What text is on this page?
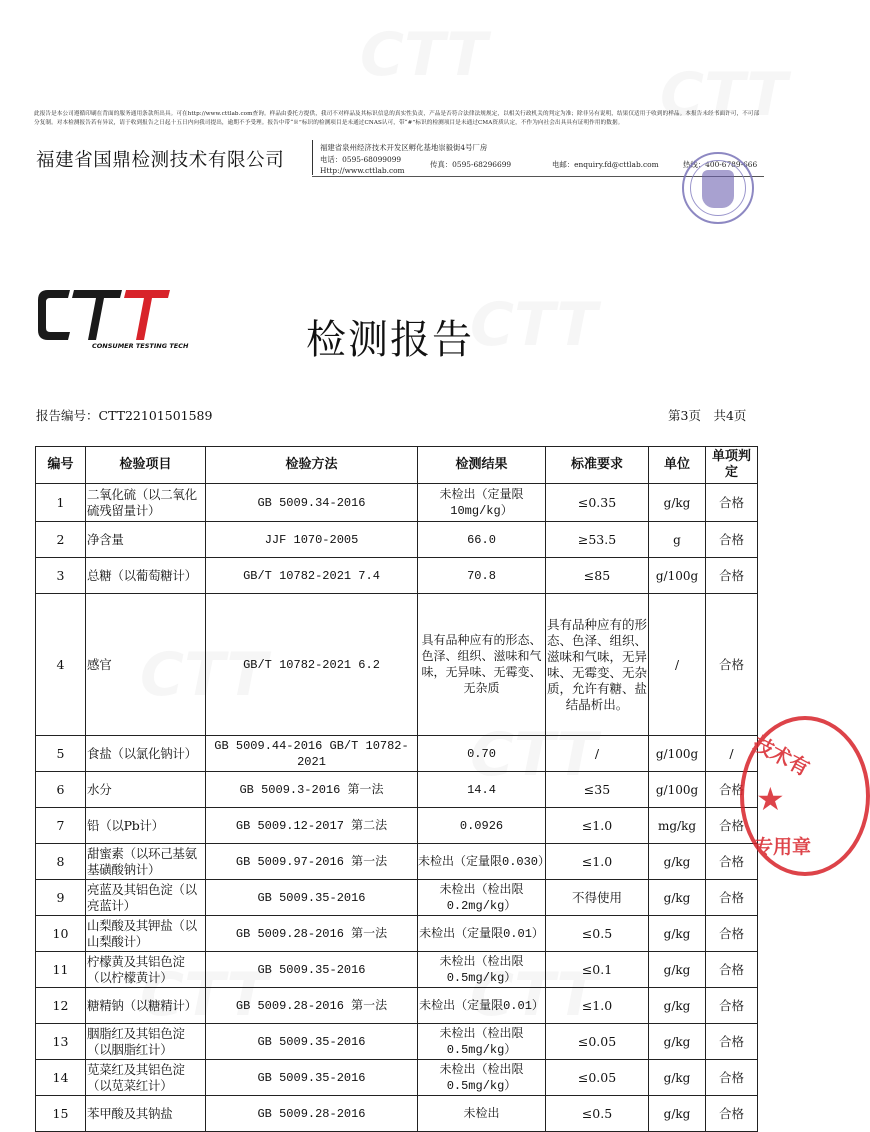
此报告是本公司遵循印刷在背面的服务通用条款所出具。可在http://www.cttlab.com查询。样品由委托方提供，我司不对样品及其标识信息的真实性负责，产品是否符合法律法规规定，以相关行政机关的判定为准；除非另有说明，结果仅适用于收到的样品。本报告未经书面许可，不可部分复制。对本检测报告若有异议，请于收到报告之日起十五日内向我司提出，逾期不予受理。报告中带“※”标识的检测项目是未通过CNAS认可，带“#”标识的检测项目是未通过CMA资质认定，不作为向社会出具具有证明作用的数据。
福建省国鼎检测技术有限公司
福建省泉州经济技术开发区孵化基地崇毅街4号厂房
电话：0595-68099099
传真：0595-68296699	电邮：enquiry.fd@cttlab.com	热线：400-6789-666
Http://www.cttlab.com
CONSUMER TESTING TECH	检测报告
报告编号：CTT22101501589	第3页　共4页
编号	检验项目	检验方法	检测结果	标准要求	单位	单项判定
1	二氧化硫（以二氧化硫残留量计）	GB 5009.34-2016	未检出（定量限10mg/kg）	≤0.35	g/kg	合格
2	净含量	JJF 1070-2005	66.0	≥53.5	g	合格
3	总糖（以葡萄糖计）	GB/T 10782-2021 7.4	70.8	≤85	g/100g	合格
4	感官	GB/T 10782-2021 6.2	具有品种应有的形态、色泽、组织、滋味和气味，无异味、无霉变、无杂质	具有品种应有的形态、色泽、组织、滋味和气味，无异味、无霉变、无杂质，允许有糖、盐结晶析出。	/	合格
5	食盐（以氯化钠计）	GB 5009.44-2016 GB/T 10782-2021	0.70	/	g/100g	/
6	水分	GB 5009.3-2016 第一法	14.4	≤35	g/100g	合格
7	铅（以Pb计）	GB 5009.12-2017 第二法	0.0926	≤1.0	mg/kg	合格
8	甜蜜素（以环己基氨基磺酸钠计）	GB 5009.97-2016 第一法	未检出（定量限0.030）	≤1.0	g/kg	合格
9	亮蓝及其铝色淀（以亮蓝计）	GB 5009.35-2016	未检出（检出限0.2mg/kg）	不得使用	g/kg	合格
10	山梨酸及其钾盐（以山梨酸计）	GB 5009.28-2016 第一法	未检出（定量限0.01）	≤0.5	g/kg	合格
11	柠檬黄及其铝色淀（以柠檬黄计）	GB 5009.35-2016	未检出（检出限0.5mg/kg）	≤0.1	g/kg	合格
12	糖精钠（以糖精计）	GB 5009.28-2016 第一法	未检出（定量限0.01）	≤1.0	g/kg	合格
13	胭脂红及其铝色淀（以胭脂红计）	GB 5009.35-2016	未检出（检出限0.5mg/kg）	≤0.05	g/kg	合格
14	苋菜红及其铝色淀（以苋菜红计）	GB 5009.35-2016	未检出（检出限0.5mg/kg）	≤0.05	g/kg	合格
15	苯甲酸及其钠盐	GB 5009.28-2016	未检出	≤0.5	g/kg	合格
技术有
★
专用章
